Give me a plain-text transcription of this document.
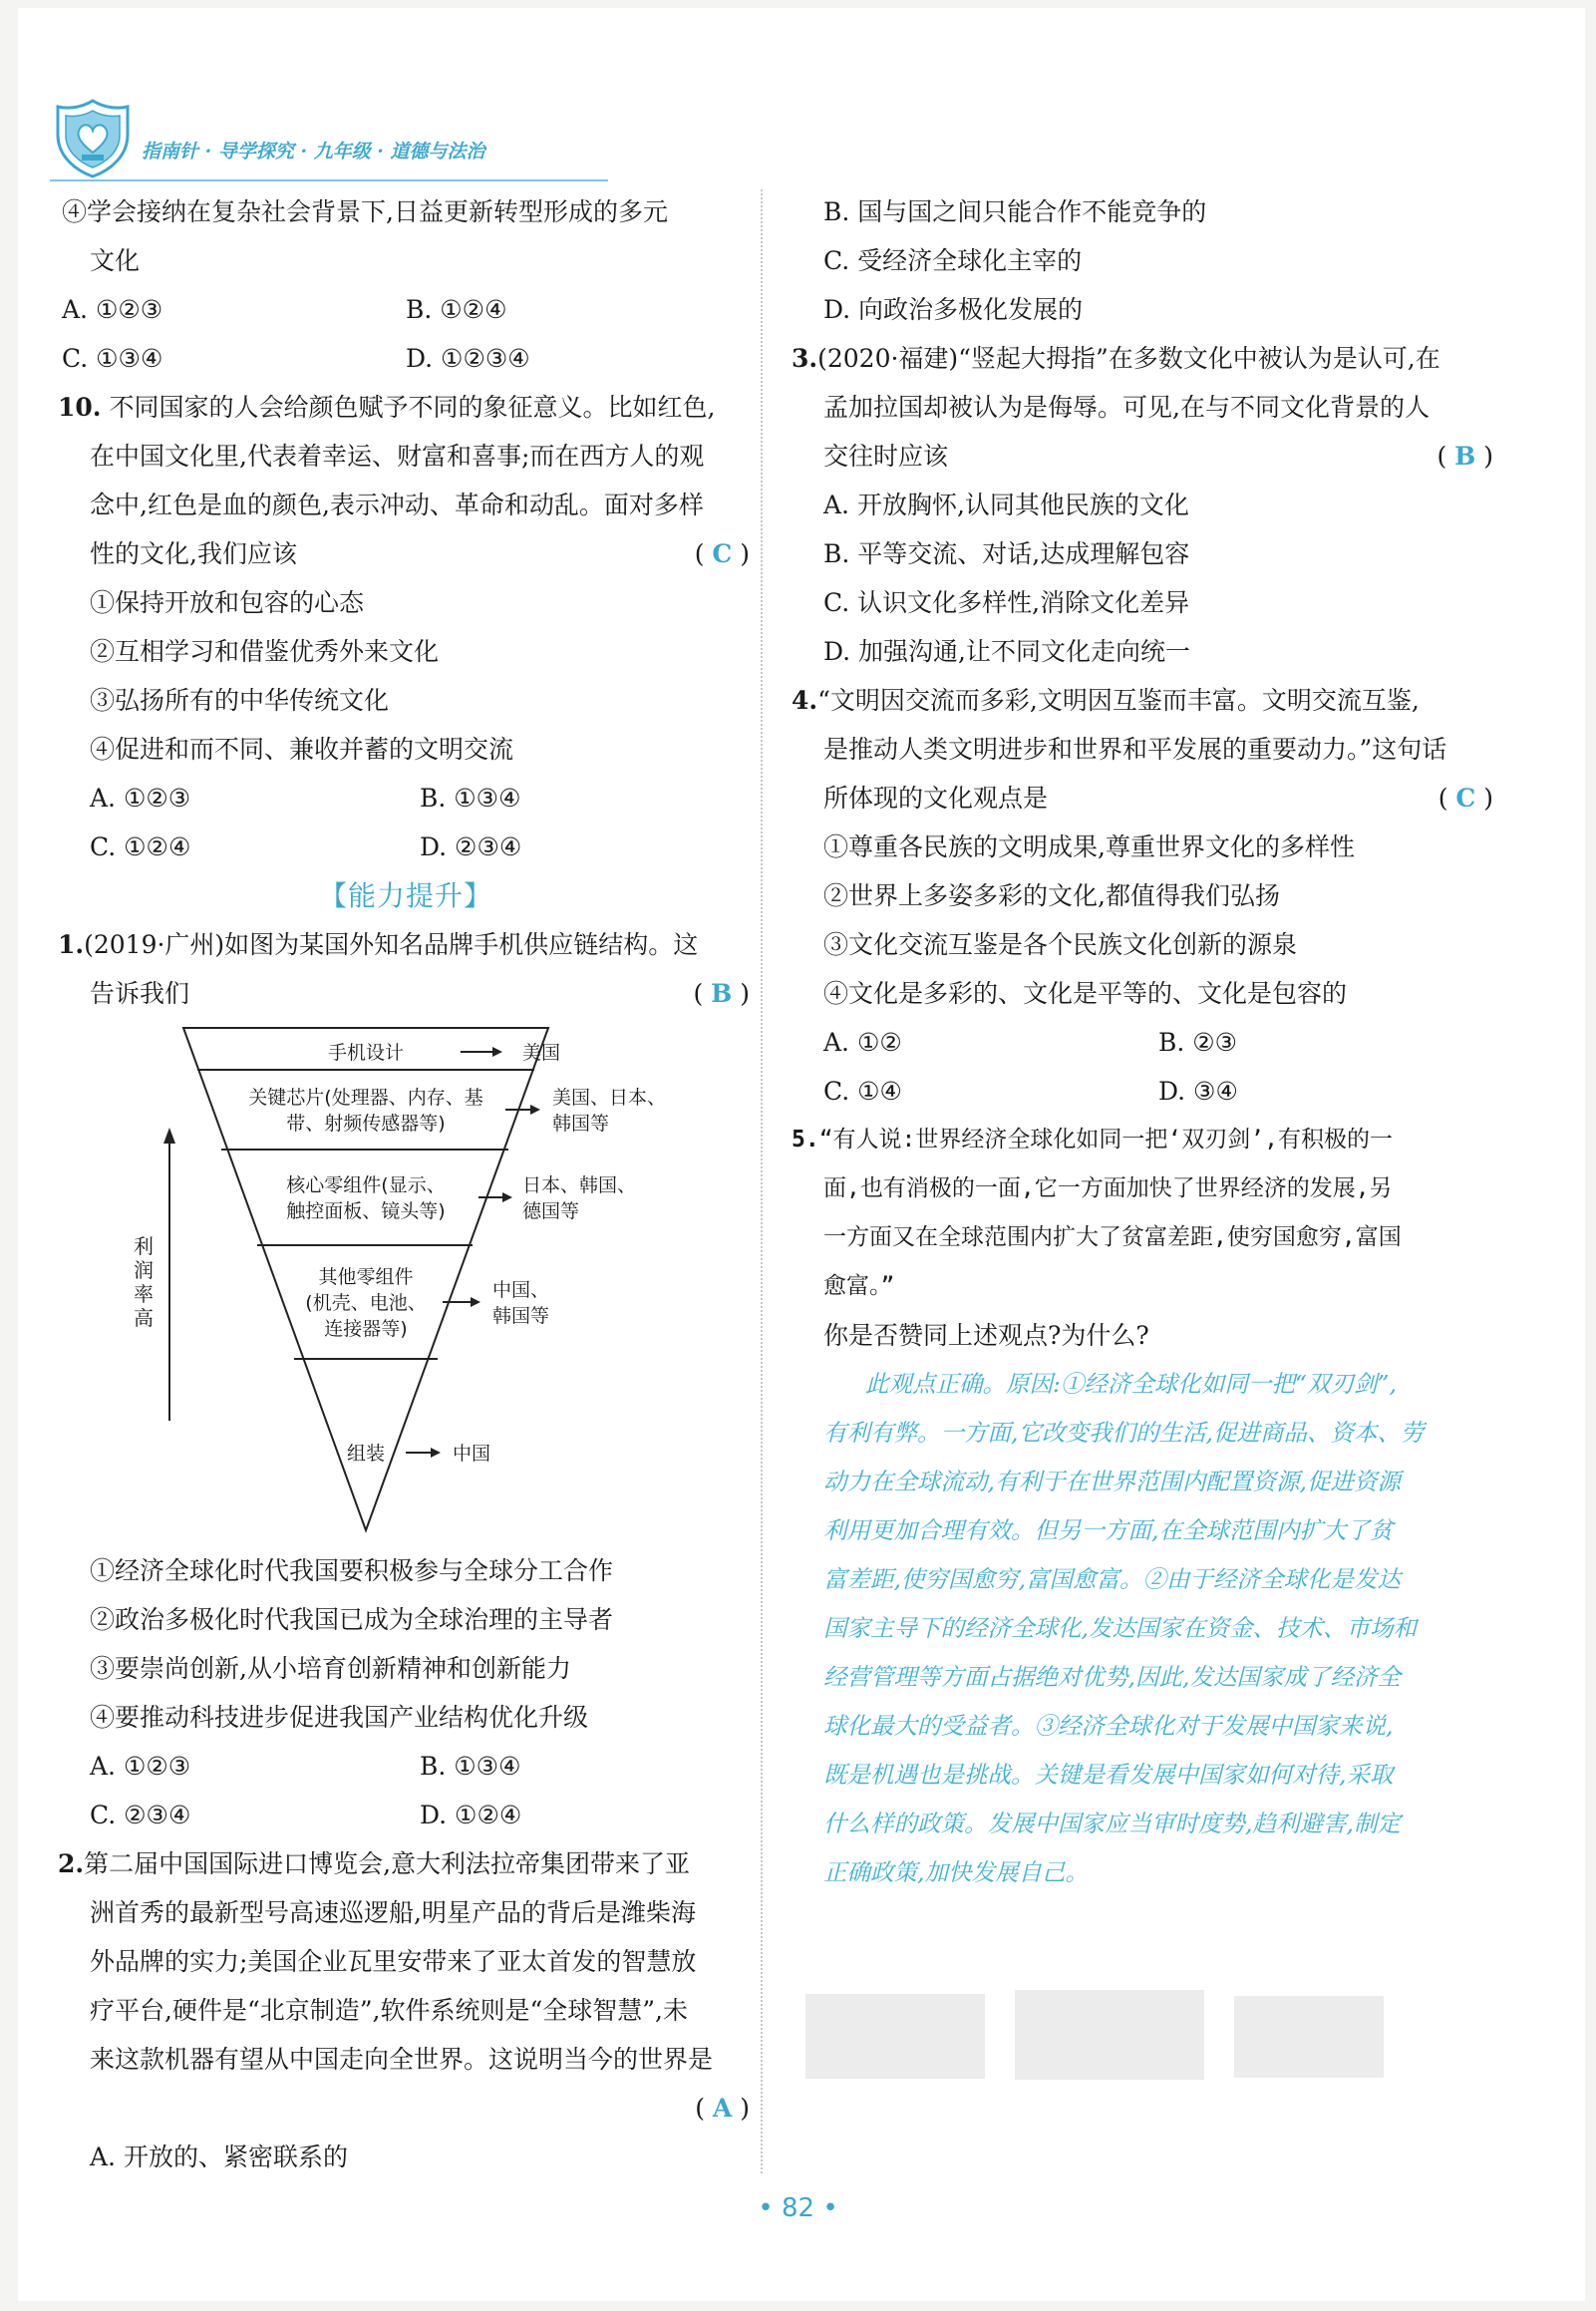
指南针 · 导学探究 · 九年级 · 道德与法治
④学会接纳在复杂社会背景下,日益更新转型形成的多元
文化
A. ①②③	B. ①②④
C. ①③④	D. ①②③④
10. 不同国家的人会给颜色赋予不同的象征意义。比如红色,
在中国文化里,代表着幸运、财富和喜事;而在西方人的观
念中,红色是血的颜色,表示冲动、革命和动乱。面对多样
性的文化,我们应该	( C )
①保持开放和包容的心态
②互相学习和借鉴优秀外来文化
③弘扬所有的中华传统文化
④促进和而不同、兼收并蓄的文明交流
A. ①②③	B. ①③④
C. ①②④	D. ②③④
【能力提升】
1.(2019·广州)如图为某国外知名品牌手机供应链结构。这
告诉我们	( B )
手机设计	美国
关键芯片(处理器、内存、基
带、射频传感器等)
美国、日本、
韩国等
核心零组件(显示、
触控面板、镜头等)
日本、韩国、
德国等
其他零组件
(机壳、电池、
连接器等)
中国、
韩国等
组装	中国
利
润
率
高
①经济全球化时代我国要积极参与全球分工合作
②政治多极化时代我国已成为全球治理的主导者
③要崇尚创新,从小培育创新精神和创新能力
④要推动科技进步促进我国产业结构优化升级
A. ①②③	B. ①③④
C. ②③④	D. ①②④
2.第二届中国国际进口博览会,意大利法拉帝集团带来了亚
洲首秀的最新型号高速巡逻船,明星产品的背后是潍柴海
外品牌的实力;美国企业瓦里安带来了亚太首发的智慧放
疗平台,硬件是“北京制造”,软件系统则是“全球智慧”,未
来这款机器有望从中国走向全世界。这说明当今的世界是
( A )

A. 开放的、紧密联系的
B. 国与国之间只能合作不能竞争的
C. 受经济全球化主宰的
D. 向政治多极化发展的
3.(2020·福建)“竖起大拇指”在多数文化中被认为是认可,在
孟加拉国却被认为是侮辱。可见,在与不同文化背景的人
交往时应该	( B )
A. 开放胸怀,认同其他民族的文化
B. 平等交流、对话,达成理解包容
C. 认识文化多样性,消除文化差异
D. 加强沟通,让不同文化走向统一
4.“文明因交流而多彩,文明因互鉴而丰富。文明交流互鉴,
是推动人类文明进步和世界和平发展的重要动力。”这句话
所体现的文化观点是	( C )
①尊重各民族的文明成果,尊重世界文化的多样性
②世界上多姿多彩的文化,都值得我们弘扬
③文化交流互鉴是各个民族文化创新的源泉
④文化是多彩的、文化是平等的、文化是包容的
A. ①②	B. ②③
C. ①④	D. ③④
5.“有人说:世界经济全球化如同一把‘双刃剑’,有积极的一
面,也有消极的一面,它一方面加快了世界经济的发展,另
一方面又在全球范围内扩大了贫富差距,使穷国愈穷,富国
愈富。”
你是否赞同上述观点?为什么?
此观点正确。原因:①经济全球化如同一把“双刃剑”,
有利有弊。一方面,它改变我们的生活,促进商品、资本、劳
动力在全球流动,有利于在世界范围内配置资源,促进资源
利用更加合理有效。但另一方面,在全球范围内扩大了贫
富差距,使穷国愈穷,富国愈富。②由于经济全球化是发达
国家主导下的经济全球化,发达国家在资金、技术、市场和
经营管理等方面占据绝对优势,因此,发达国家成了经济全
球化最大的受益者。③经济全球化对于发展中国家来说,
既是机遇也是挑战。关键是看发展中国家如何对待,采取
什么样的政策。发展中国家应当审时度势,趋利避害,制定
正确政策,加快发展自己。
• 82 •
